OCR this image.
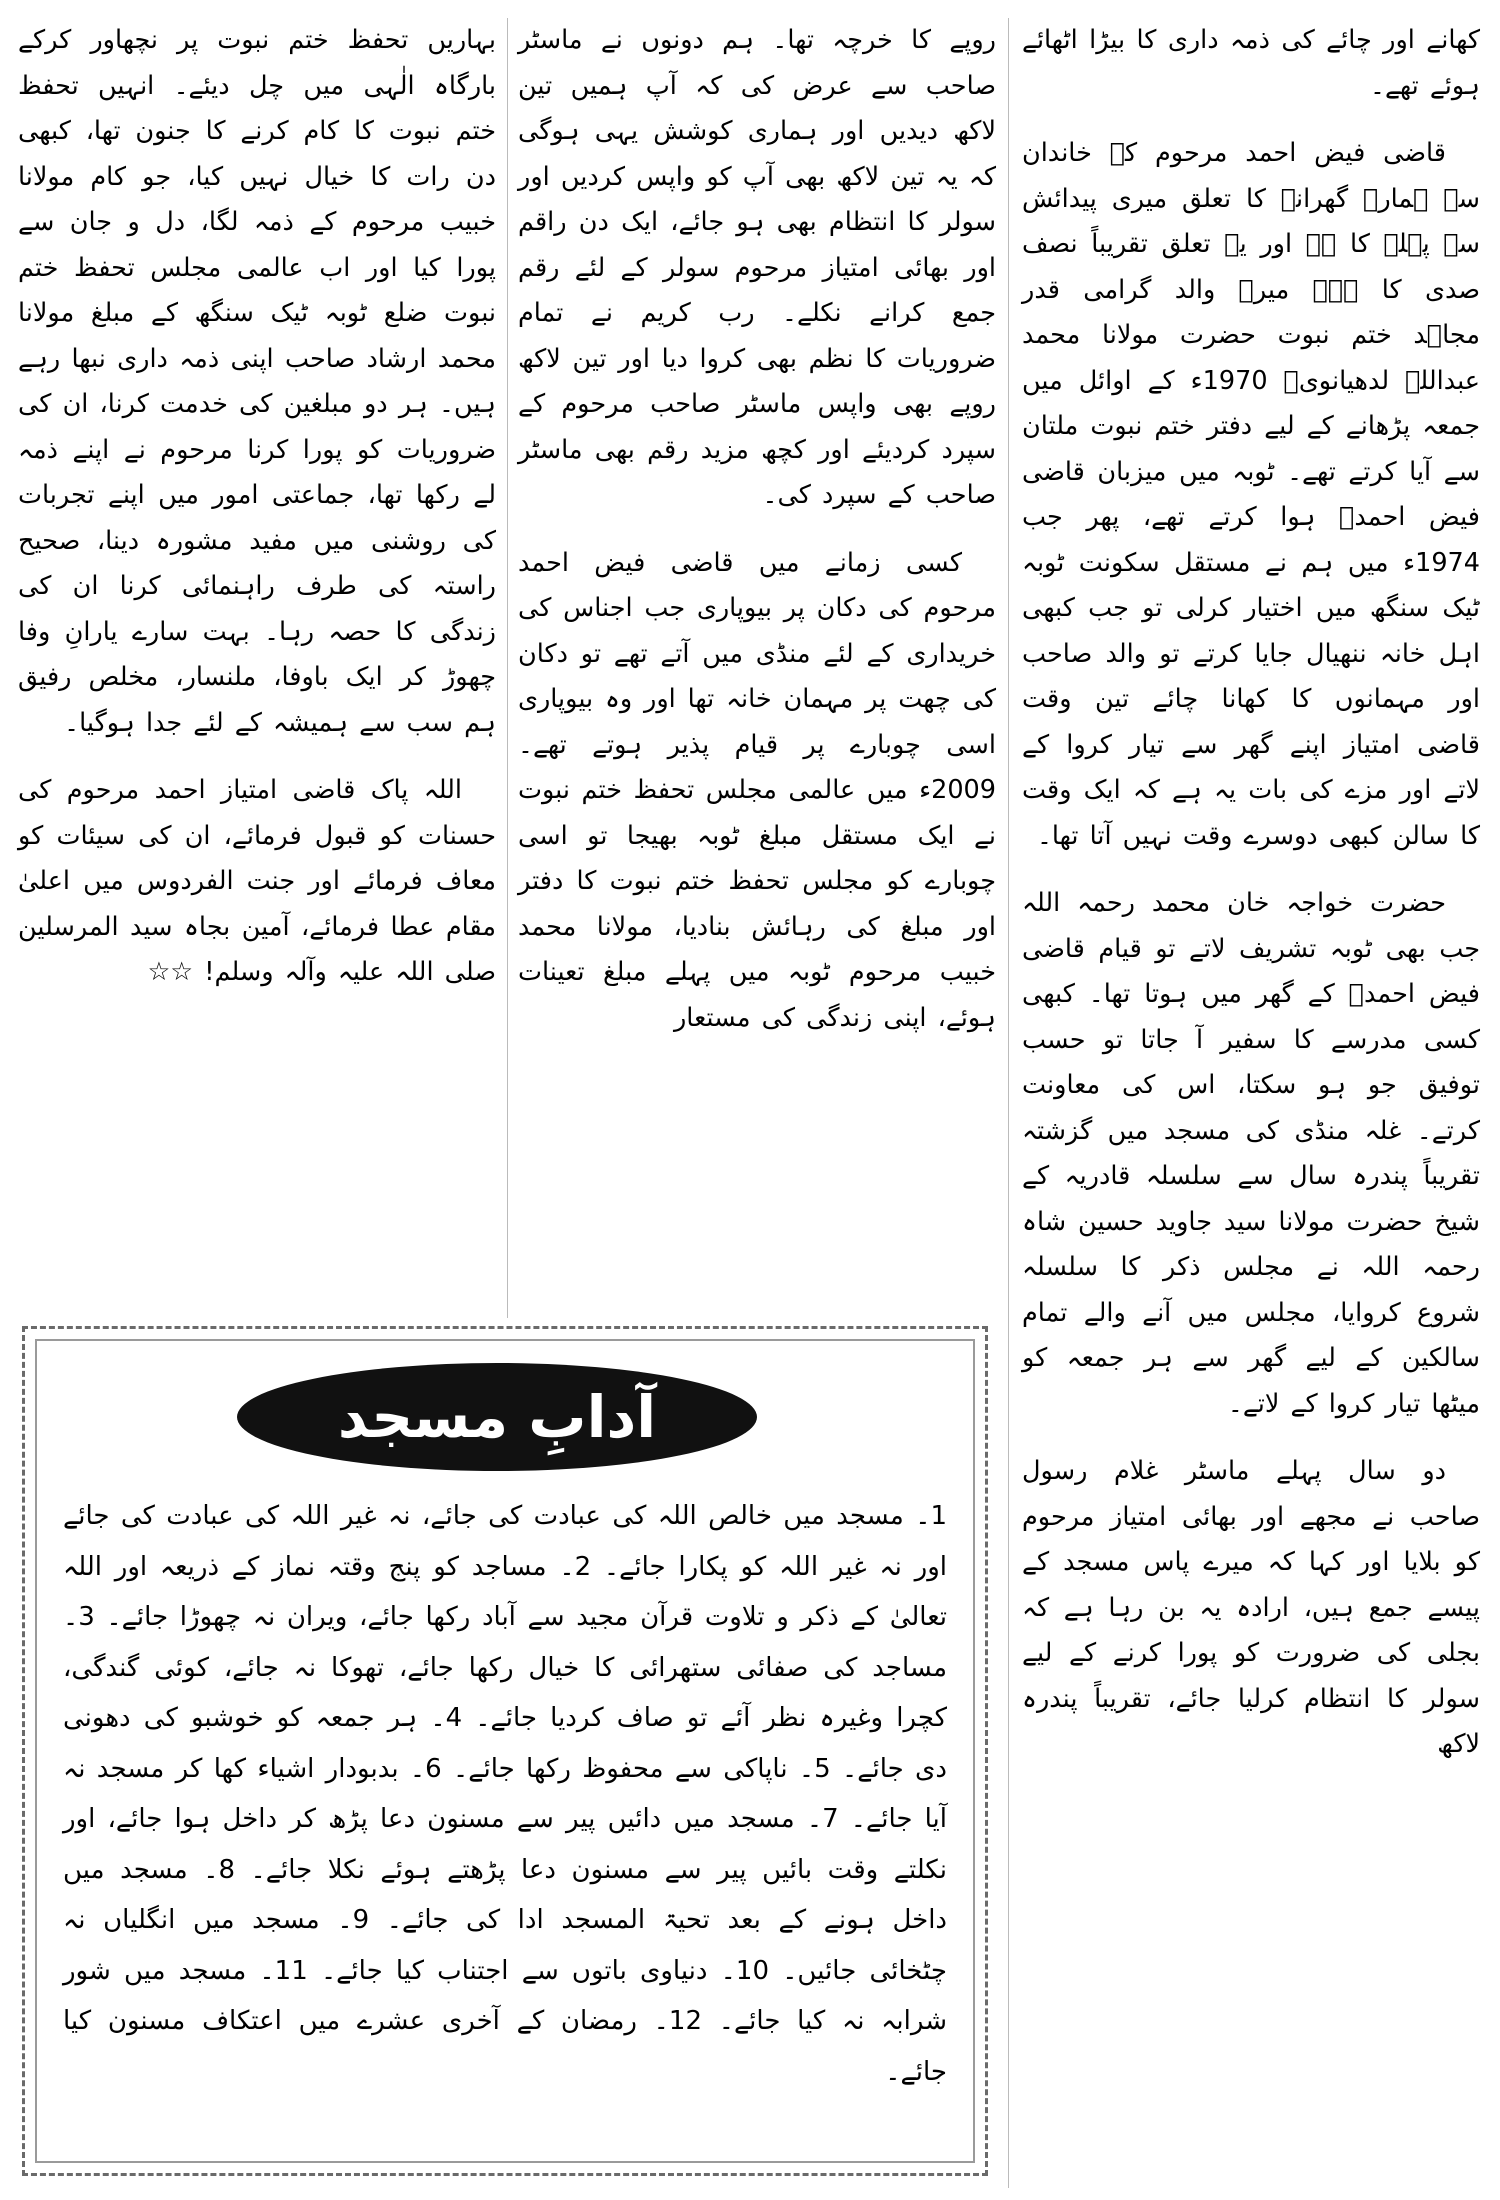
کھانے اور چائے کی ذمہ داری کا بیڑا اٹھائے ہوئے تھے۔

قاضی فیض احمد مرحوم کے خاندان سے ہمارے گھرانے کا تعلق میری پیدائش سے پہلے کا ہے اور یہ تعلق تقریباً نصف صدی کا ہے۔ میرے والد گرامی قدر مجاہد ختم نبوت حضرت مولانا محمد عبداللہ لدھیانویؒ 1970ء کے اوائل میں جمعہ پڑھانے کے لیے دفتر ختم نبوت ملتان سے آیا کرتے تھے۔ ٹوبہ میں میزبان قاضی فیض احمدؒ ہوا کرتے تھے، پھر جب 1974ء میں ہم نے مستقل سکونت ٹوبہ ٹیک سنگھ میں اختیار کرلی تو جب کبھی اہل خانہ ننھیال جایا کرتے تو والد صاحب اور مہمانوں کا کھانا چائے تین وقت قاضی امتیاز اپنے گھر سے تیار کروا کے لاتے اور مزے کی بات یہ ہے کہ ایک وقت کا سالن کبھی دوسرے وقت نہیں آتا تھا۔

حضرت خواجہ خان محمد رحمہ اللہ جب بھی ٹوبہ تشریف لاتے تو قیام قاضی فیض احمدؒ کے گھر میں ہوتا تھا۔ کبھی کسی مدرسے کا سفیر آ جاتا تو حسب توفیق جو ہو سکتا، اس کی معاونت کرتے۔ غلہ منڈی کی مسجد میں گزشتہ تقریباً پندرہ سال سے سلسلہ قادریہ کے شیخ حضرت مولانا سید جاوید حسین شاہ رحمہ اللہ نے مجلس ذکر کا سلسلہ شروع کروایا، مجلس میں آنے والے تمام سالکین کے لیے گھر سے ہر جمعہ کو میٹھا تیار کروا کے لاتے۔

دو سال پہلے ماسٹر غلام رسول صاحب نے مجھے اور بھائی امتیاز مرحوم کو بلایا اور کہا کہ میرے پاس مسجد کے پیسے جمع ہیں، ارادہ یہ بن رہا ہے کہ بجلی کی ضرورت کو پورا کرنے کے لیے سولر کا انتظام کرلیا جائے، تقریباً پندرہ لاکھ

روپے کا خرچہ تھا۔ ہم دونوں نے ماسٹر صاحب سے عرض کی کہ آپ ہمیں تین لاکھ دیدیں اور ہماری کوشش یہی ہوگی کہ یہ تین لاکھ بھی آپ کو واپس کردیں اور سولر کا انتظام بھی ہو جائے، ایک دن راقم اور بھائی امتیاز مرحوم سولر کے لئے رقم جمع کرانے نکلے۔ رب کریم نے تمام ضروریات کا نظم بھی کروا دیا اور تین لاکھ روپے بھی واپس ماسٹر صاحب مرحوم کے سپرد کردیئے اور کچھ مزید رقم بھی ماسٹر صاحب کے سپرد کی۔

کسی زمانے میں قاضی فیض احمد مرحوم کی دکان پر بیوپاری جب اجناس کی خریداری کے لئے منڈی میں آتے تھے تو دکان کی چھت پر مہمان خانہ تھا اور وہ بیوپاری اسی چوبارے پر قیام پذیر ہوتے تھے۔ 2009ء میں عالمی مجلس تحفظ ختم نبوت نے ایک مستقل مبلغ ٹوبہ بھیجا تو اسی چوبارے کو مجلس تحفظ ختم نبوت کا دفتر اور مبلغ کی رہائش بنادیا، مولانا محمد خبیب مرحوم ٹوبہ میں پہلے مبلغ تعینات ہوئے، اپنی زندگی کی مستعار

بہاریں تحفظ ختم نبوت پر نچھاور کرکے بارگاہ الٰہی میں چل دیئے۔ انہیں تحفظ ختم نبوت کا کام کرنے کا جنون تھا، کبھی دن رات کا خیال نہیں کیا، جو کام مولانا خبیب مرحوم کے ذمہ لگا، دل و جان سے پورا کیا اور اب عالمی مجلس تحفظ ختم نبوت ضلع ٹوبہ ٹیک سنگھ کے مبلغ مولانا محمد ارشاد صاحب اپنی ذمہ داری نبھا رہے ہیں۔ ہر دو مبلغین کی خدمت کرنا، ان کی ضروریات کو پورا کرنا مرحوم نے اپنے ذمہ لے رکھا تھا، جماعتی امور میں اپنے تجربات کی روشنی میں مفید مشورہ دینا، صحیح راستہ کی طرف راہنمائی کرنا ان کی زندگی کا حصہ رہا۔ بہت سارے یارانِ وفا چھوڑ کر ایک باوفا، ملنسار، مخلص رفیق ہم سب سے ہمیشہ کے لئے جدا ہوگیا۔

اللہ پاک قاضی امتیاز احمد مرحوم کی حسنات کو قبول فرمائے، ان کی سیئات کو معاف فرمائے اور جنت الفردوس میں اعلیٰ مقام عطا فرمائے، آمین بجاہ سید المرسلین صلی اللہ علیہ وآلہ وسلم! ☆☆

آدابِ مسجد
1۔ مسجد میں خالص اللہ کی عبادت کی جائے، نہ غیر اللہ کی عبادت کی جائے اور نہ غیر اللہ کو پکارا جائے۔ 2۔ مساجد کو پنج وقتہ نماز کے ذریعہ اور اللہ تعالیٰ کے ذکر و تلاوت قرآن مجید سے آباد رکھا جائے، ویران نہ چھوڑا جائے۔ 3۔ مساجد کی صفائی ستھرائی کا خیال رکھا جائے، تھوکا نہ جائے، کوئی گندگی، کچرا وغیرہ نظر آئے تو صاف کردیا جائے۔ 4۔ ہر جمعہ کو خوشبو کی دھونی دی جائے۔ 5۔ ناپاکی سے محفوظ رکھا جائے۔ 6۔ بدبودار اشیاء کھا کر مسجد نہ آیا جائے۔ 7۔ مسجد میں دائیں پیر سے مسنون دعا پڑھ کر داخل ہوا جائے، اور نکلتے وقت بائیں پیر سے مسنون دعا پڑھتے ہوئے نکلا جائے۔ 8۔ مسجد میں داخل ہونے کے بعد تحیۃ المسجد ادا کی جائے۔ 9۔ مسجد میں انگلیاں نہ چٹخائی جائیں۔ 10۔ دنیاوی باتوں سے اجتناب کیا جائے۔ 11۔ مسجد میں شور شرابہ نہ کیا جائے۔ 12۔ رمضان کے آخری عشرے میں اعتکاف مسنون کیا جائے۔
